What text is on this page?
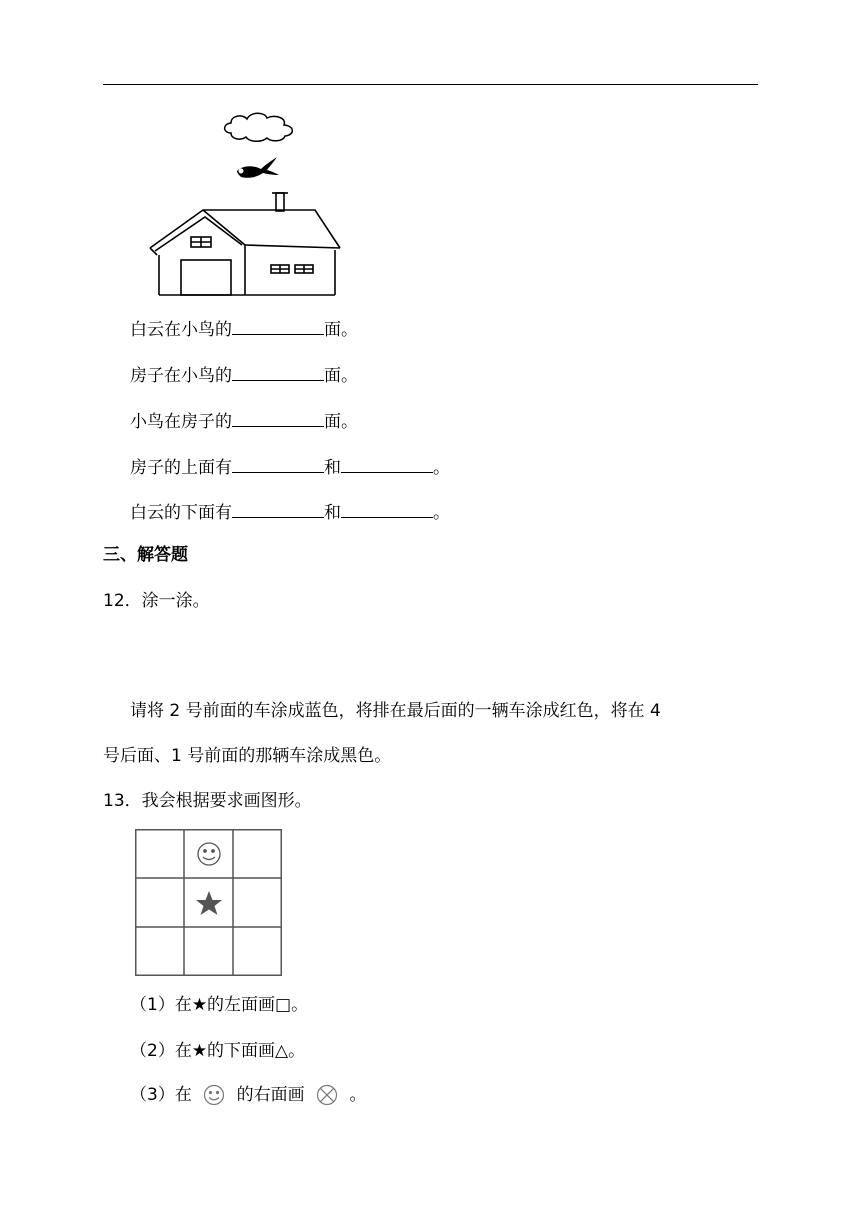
白云在小鸟的	面。
房子在小鸟的	面。
小鸟在房子的	面。
房子的上面有	和	。
白云的下面有	和	。
三、解答题
12．涂一涂。
请将 2 号前面的车涂成蓝色，将排在最后面的一辆车涂成红色，将在 4
号后面、1 号前面的那辆车涂成黑色。
13．我会根据要求画图形。
（1）在★的左面画□。
（2）在★的下面画△。
（3）在	的右面画	。
